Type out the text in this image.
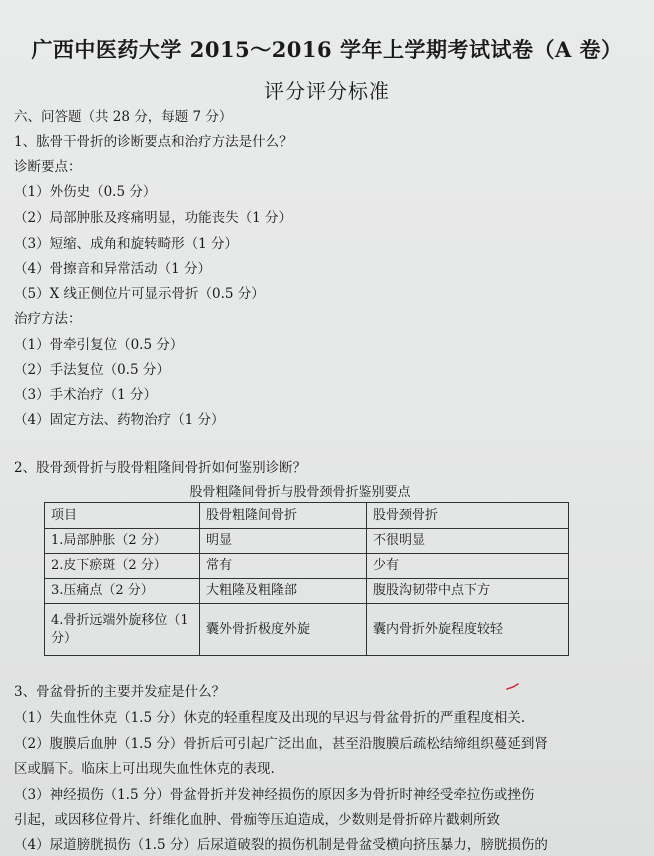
广西中医药大学 2015～2016 学年上学期考试试卷（A 卷）
评分评分标准
六、问答题（共 28 分，每题 7 分）
1、肱骨干骨折的诊断要点和治疗方法是什么？
诊断要点：
（1）外伤史（0.5 分）
（2）局部肿胀及疼痛明显，功能丧失（1 分）
（3）短缩、成角和旋转畸形（1 分）
（4）骨擦音和异常活动（1 分）
（5）X 线正侧位片可显示骨折（0.5 分）
治疗方法：
（1）骨牵引复位（0.5 分）
（2）手法复位（0.5 分）
（3）手术治疗（1 分）
（4）固定方法、药物治疗（1 分）
2、股骨颈骨折与股骨粗隆间骨折如何鉴别诊断？
股骨粗隆间骨折与股骨颈骨折鉴别要点
项目	股骨粗隆间骨折	股骨颈骨折
1.局部肿胀（2 分）	明显	不很明显
2.皮下瘀斑（2 分）	常有	少有
3.压痛点（2 分）	大粗隆及粗隆部	腹股沟韧带中点下方
4.骨折远端外旋移位（1 分）	囊外骨折极度外旋	囊内骨折外旋程度较轻
3、骨盆骨折的主要并发症是什么？
（1）失血性休克（1.5 分）休克的轻重程度及出现的早迟与骨盆骨折的严重程度相关.
（2）腹膜后血肿（1.5 分）骨折后可引起广泛出血，甚至沿腹膜后疏松结缔组织蔓延到肾
区或膈下。临床上可出现失血性休克的表现.
（3）神经损伤（1.5 分）骨盆骨折并发神经损伤的原因多为骨折时神经受牵拉伤或挫伤
引起，或因移位骨片、纤维化血肿、骨痂等压迫造成，少数则是骨折碎片戳刺所致
（4）尿道膀胱损伤（1.5 分）后尿道破裂的损伤机制是骨盆受横向挤压暴力，膀胱损伤的
